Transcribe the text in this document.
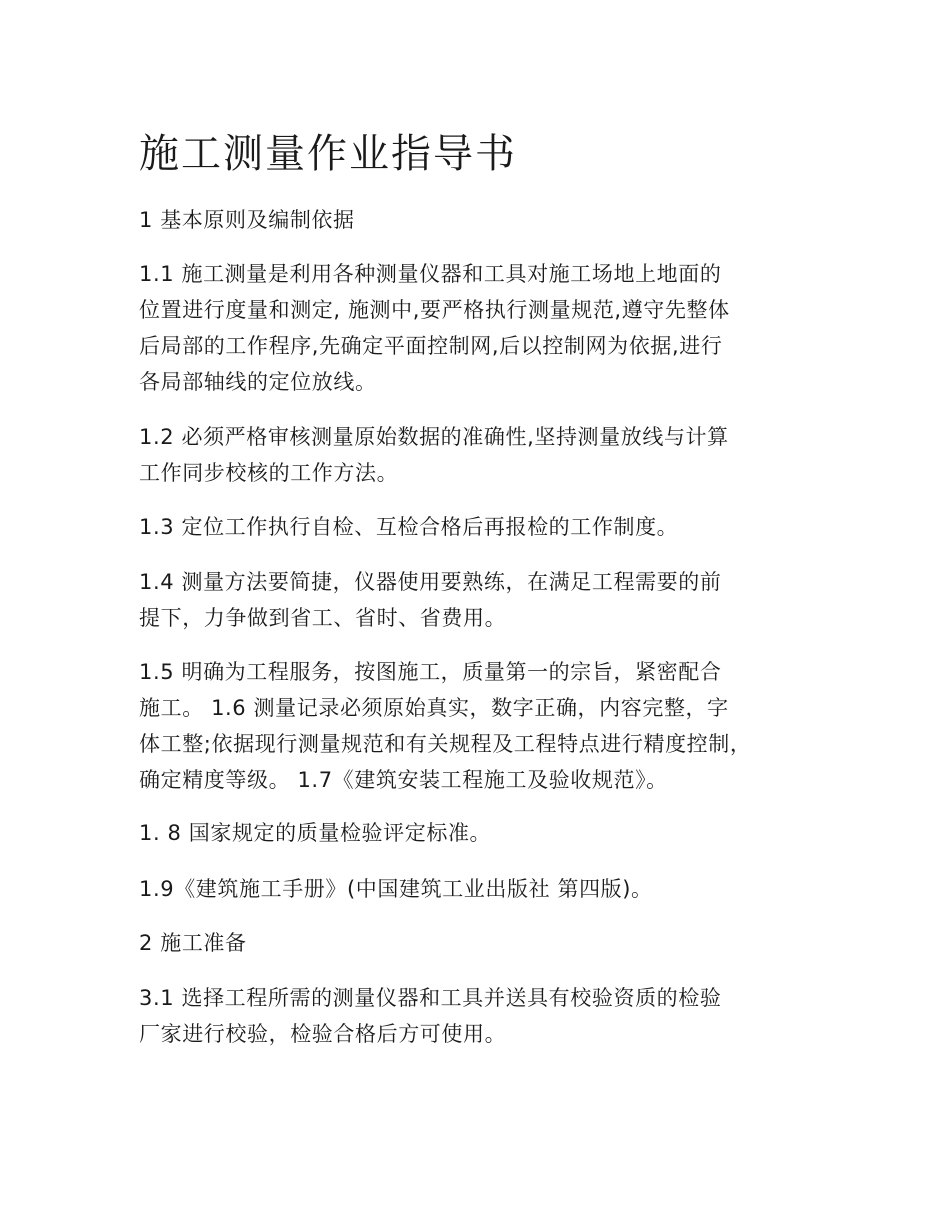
施工测量作业指导书
1 基本原则及编制依据
1.1 施工测量是利用各种测量仪器和工具对施工场地上地面的
位置进行度量和测定, 施测中,要严格执行测量规范,遵守先整体
后局部的工作程序,先确定平面控制网,后以控制网为依据,进行
各局部轴线的定位放线。
1.2 必须严格审核测量原始数据的准确性,坚持测量放线与计算
工作同步校核的工作方法。
1.3 定位工作执行自检、互检合格后再报检的工作制度。
1.4 测量方法要简捷，仪器使用要熟练，在满足工程需要的前
提下，力争做到省工、省时、省费用。
1.5 明确为工程服务，按图施工，质量第一的宗旨，紧密配合
施工。 1.6 测量记录必须原始真实，数字正确，内容完整，字
体工整;依据现行测量规范和有关规程及工程特点进行精度控制，
确定精度等级。 1.7《建筑安装工程施工及验收规范》。
1. 8 国家规定的质量检验评定标准。
1.9《建筑施工手册》(中国建筑工业出版社 第四版)。
2 施工准备
3.1 选择工程所需的测量仪器和工具并送具有校验资质的检验
厂家进行校验，检验合格后方可使用。
